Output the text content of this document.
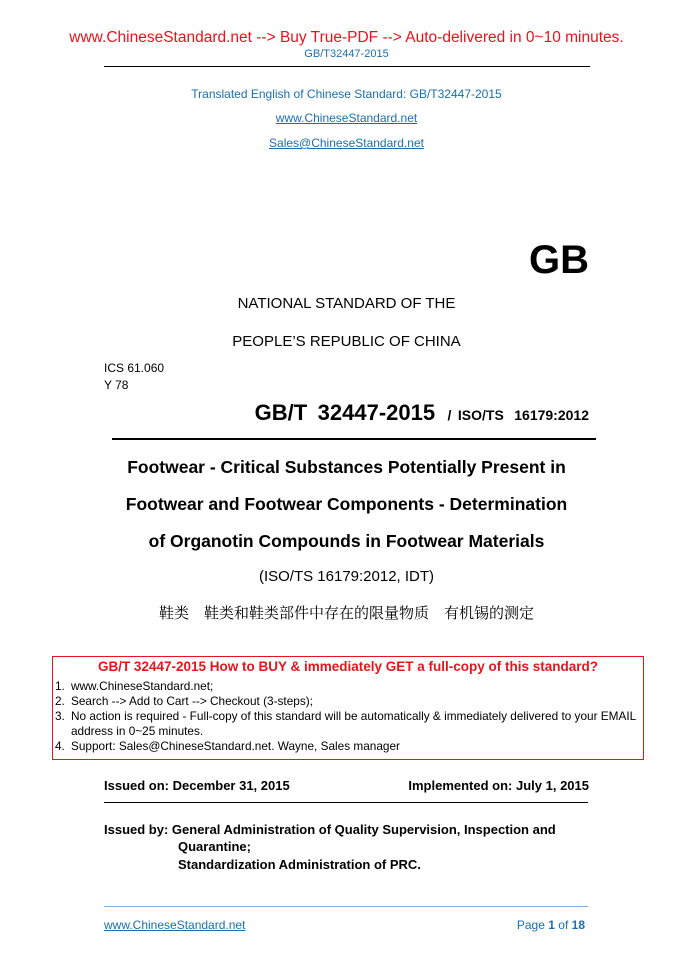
www.ChineseStandard.net --> Buy True-PDF --> Auto-delivered in 0~10 minutes.
GB/T32447-2015
Translated English of Chinese Standard: GB/T32447-2015
www.ChineseStandard.net
Sales@ChineseStandard.net
GB
NATIONAL STANDARD OF THE
PEOPLE’S REPUBLIC OF CHINA
ICS 61.060
Y 78
GB/T 32447-2015 / ISO/TS 16179:2012
Footwear - Critical Substances Potentially Present in
Footwear and Footwear Components - Determination
of Organotin Compounds in Footwear Materials
(ISO/TS 16179:2012, IDT)
鞋类　鞋类和鞋类部件中存在的限量物质　有机锡的测定
GB/T 32447-2015 How to BUY & immediately GET a full-copy of this standard?
1. www.ChineseStandard.net;
2. Search --> Add to Cart --> Checkout (3-steps);
3. No action is required - Full-copy of this standard will be automatically & immediately delivered to your EMAIL address in 0~25 minutes.
4. Support: Sales@ChineseStandard.net. Wayne, Sales manager
Issued on: December 31, 2015	Implemented on: July 1, 2015
Issued by: General Administration of Quality Supervision, Inspection and
Quarantine;
Standardization Administration of PRC.
www.ChineseStandard.net	Page 1 of 18
